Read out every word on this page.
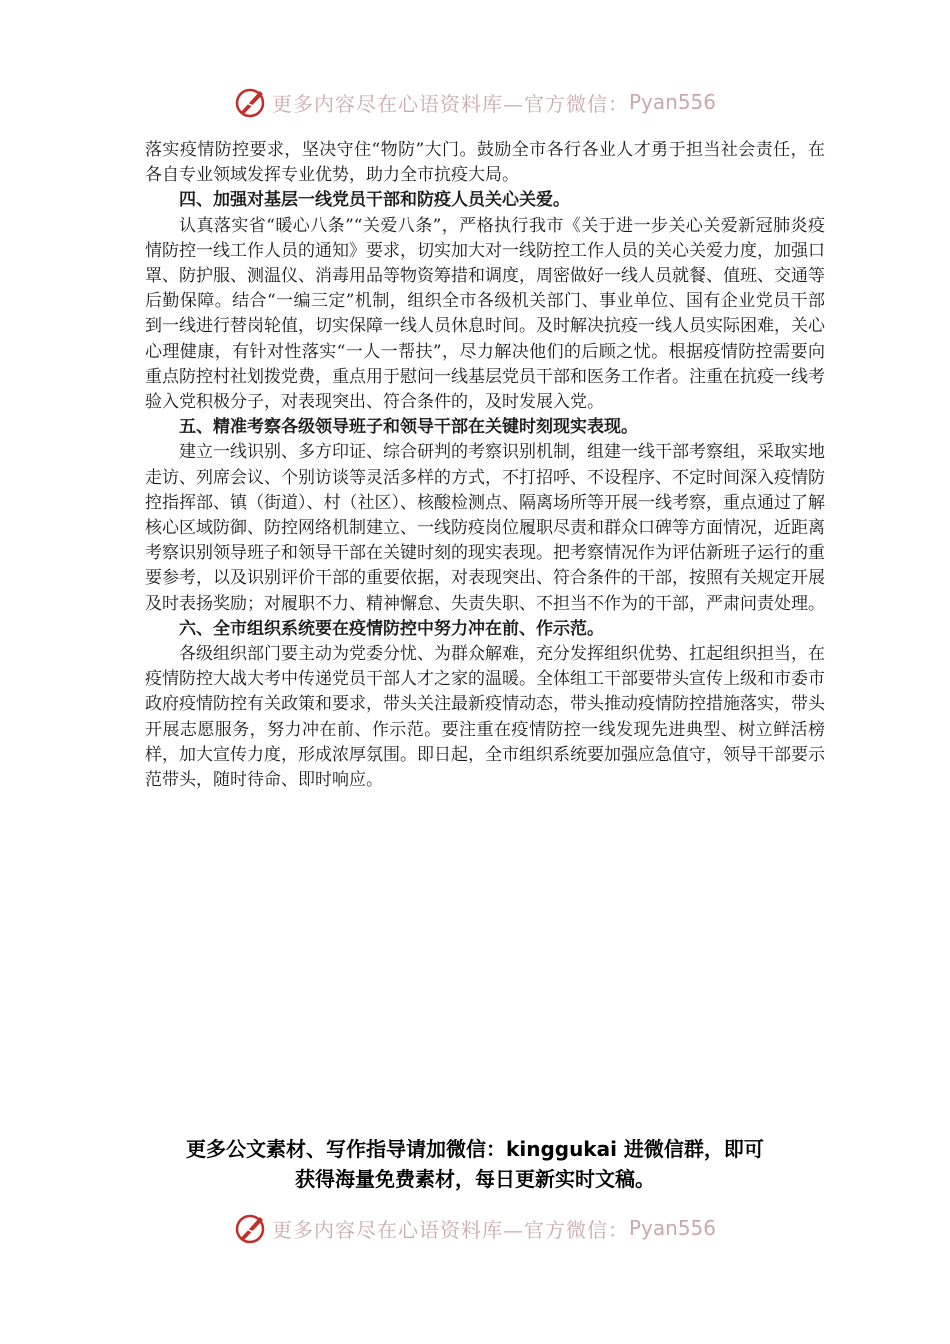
更多内容尽在心语资料库—官方微信： Pyan556

落实疫情防控要求，坚决守住“物防”大门。鼓励全市各行各业人才勇于担当社会责任，在各自专业领域发挥专业优势，助力全市抗疫大局。

四、加强对基层一线党员干部和防疫人员关心关爱。

认真落实省“暖心八条”“关爱八条”，严格执行我市《关于进一步关心关爱新冠肺炎疫情防控一线工作人员的通知》要求，切实加大对一线防控工作人员的关心关爱力度，加强口罩、防护服、测温仪、消毒用品等物资筹措和调度，周密做好一线人员就餐、值班、交通等后勤保障。结合“一编三定”机制，组织全市各级机关部门、事业单位、国有企业党员干部到一线进行替岗轮值，切实保障一线人员休息时间。及时解决抗疫一线人员实际困难，关心心理健康，有针对性落实“一人一帮扶”，尽力解决他们的后顾之忧。根据疫情防控需要向重点防控村社划拨党费，重点用于慰问一线基层党员干部和医务工作者。注重在抗疫一线考验入党积极分子，对表现突出、符合条件的，及时发展入党。

五、精准考察各级领导班子和领导干部在关键时刻现实表现。

建立一线识别、多方印证、综合研判的考察识别机制，组建一线干部考察组，采取实地走访、列席会议、个别访谈等灵活多样的方式，不打招呼、不设程序、不定时间深入疫情防控指挥部、镇（街道）、村（社区）、核酸检测点、隔离场所等开展一线考察，重点通过了解核心区域防御、防控网络机制建立、一线防疫岗位履职尽责和群众口碑等方面情况，近距离考察识别领导班子和领导干部在关键时刻的现实表现。把考察情况作为评估新班子运行的重要参考，以及识别评价干部的重要依据，对表现突出、符合条件的干部，按照有关规定开展及时表扬奖励；对履职不力、精神懈怠、失责失职、不担当不作为的干部，严肃问责处理。

六、全市组织系统要在疫情防控中努力冲在前、作示范。

各级组织部门要主动为党委分忧、为群众解难，充分发挥组织优势、扛起组织担当，在疫情防控大战大考中传递党员干部人才之家的温暖。全体组工干部要带头宣传上级和市委市政府疫情防控有关政策和要求，带头关注最新疫情动态，带头推动疫情防控措施落实，带头开展志愿服务，努力冲在前、作示范。要注重在疫情防控一线发现先进典型、树立鲜活榜样，加大宣传力度，形成浓厚氛围。即日起，全市组织系统要加强应急值守，领导干部要示范带头，随时待命、即时响应。

更多公文素材、写作指导请加微信：kinggukai 进微信群，即可
获得海量免费素材，每日更新实时文稿。
更多内容尽在心语资料库—官方微信： Pyan556
